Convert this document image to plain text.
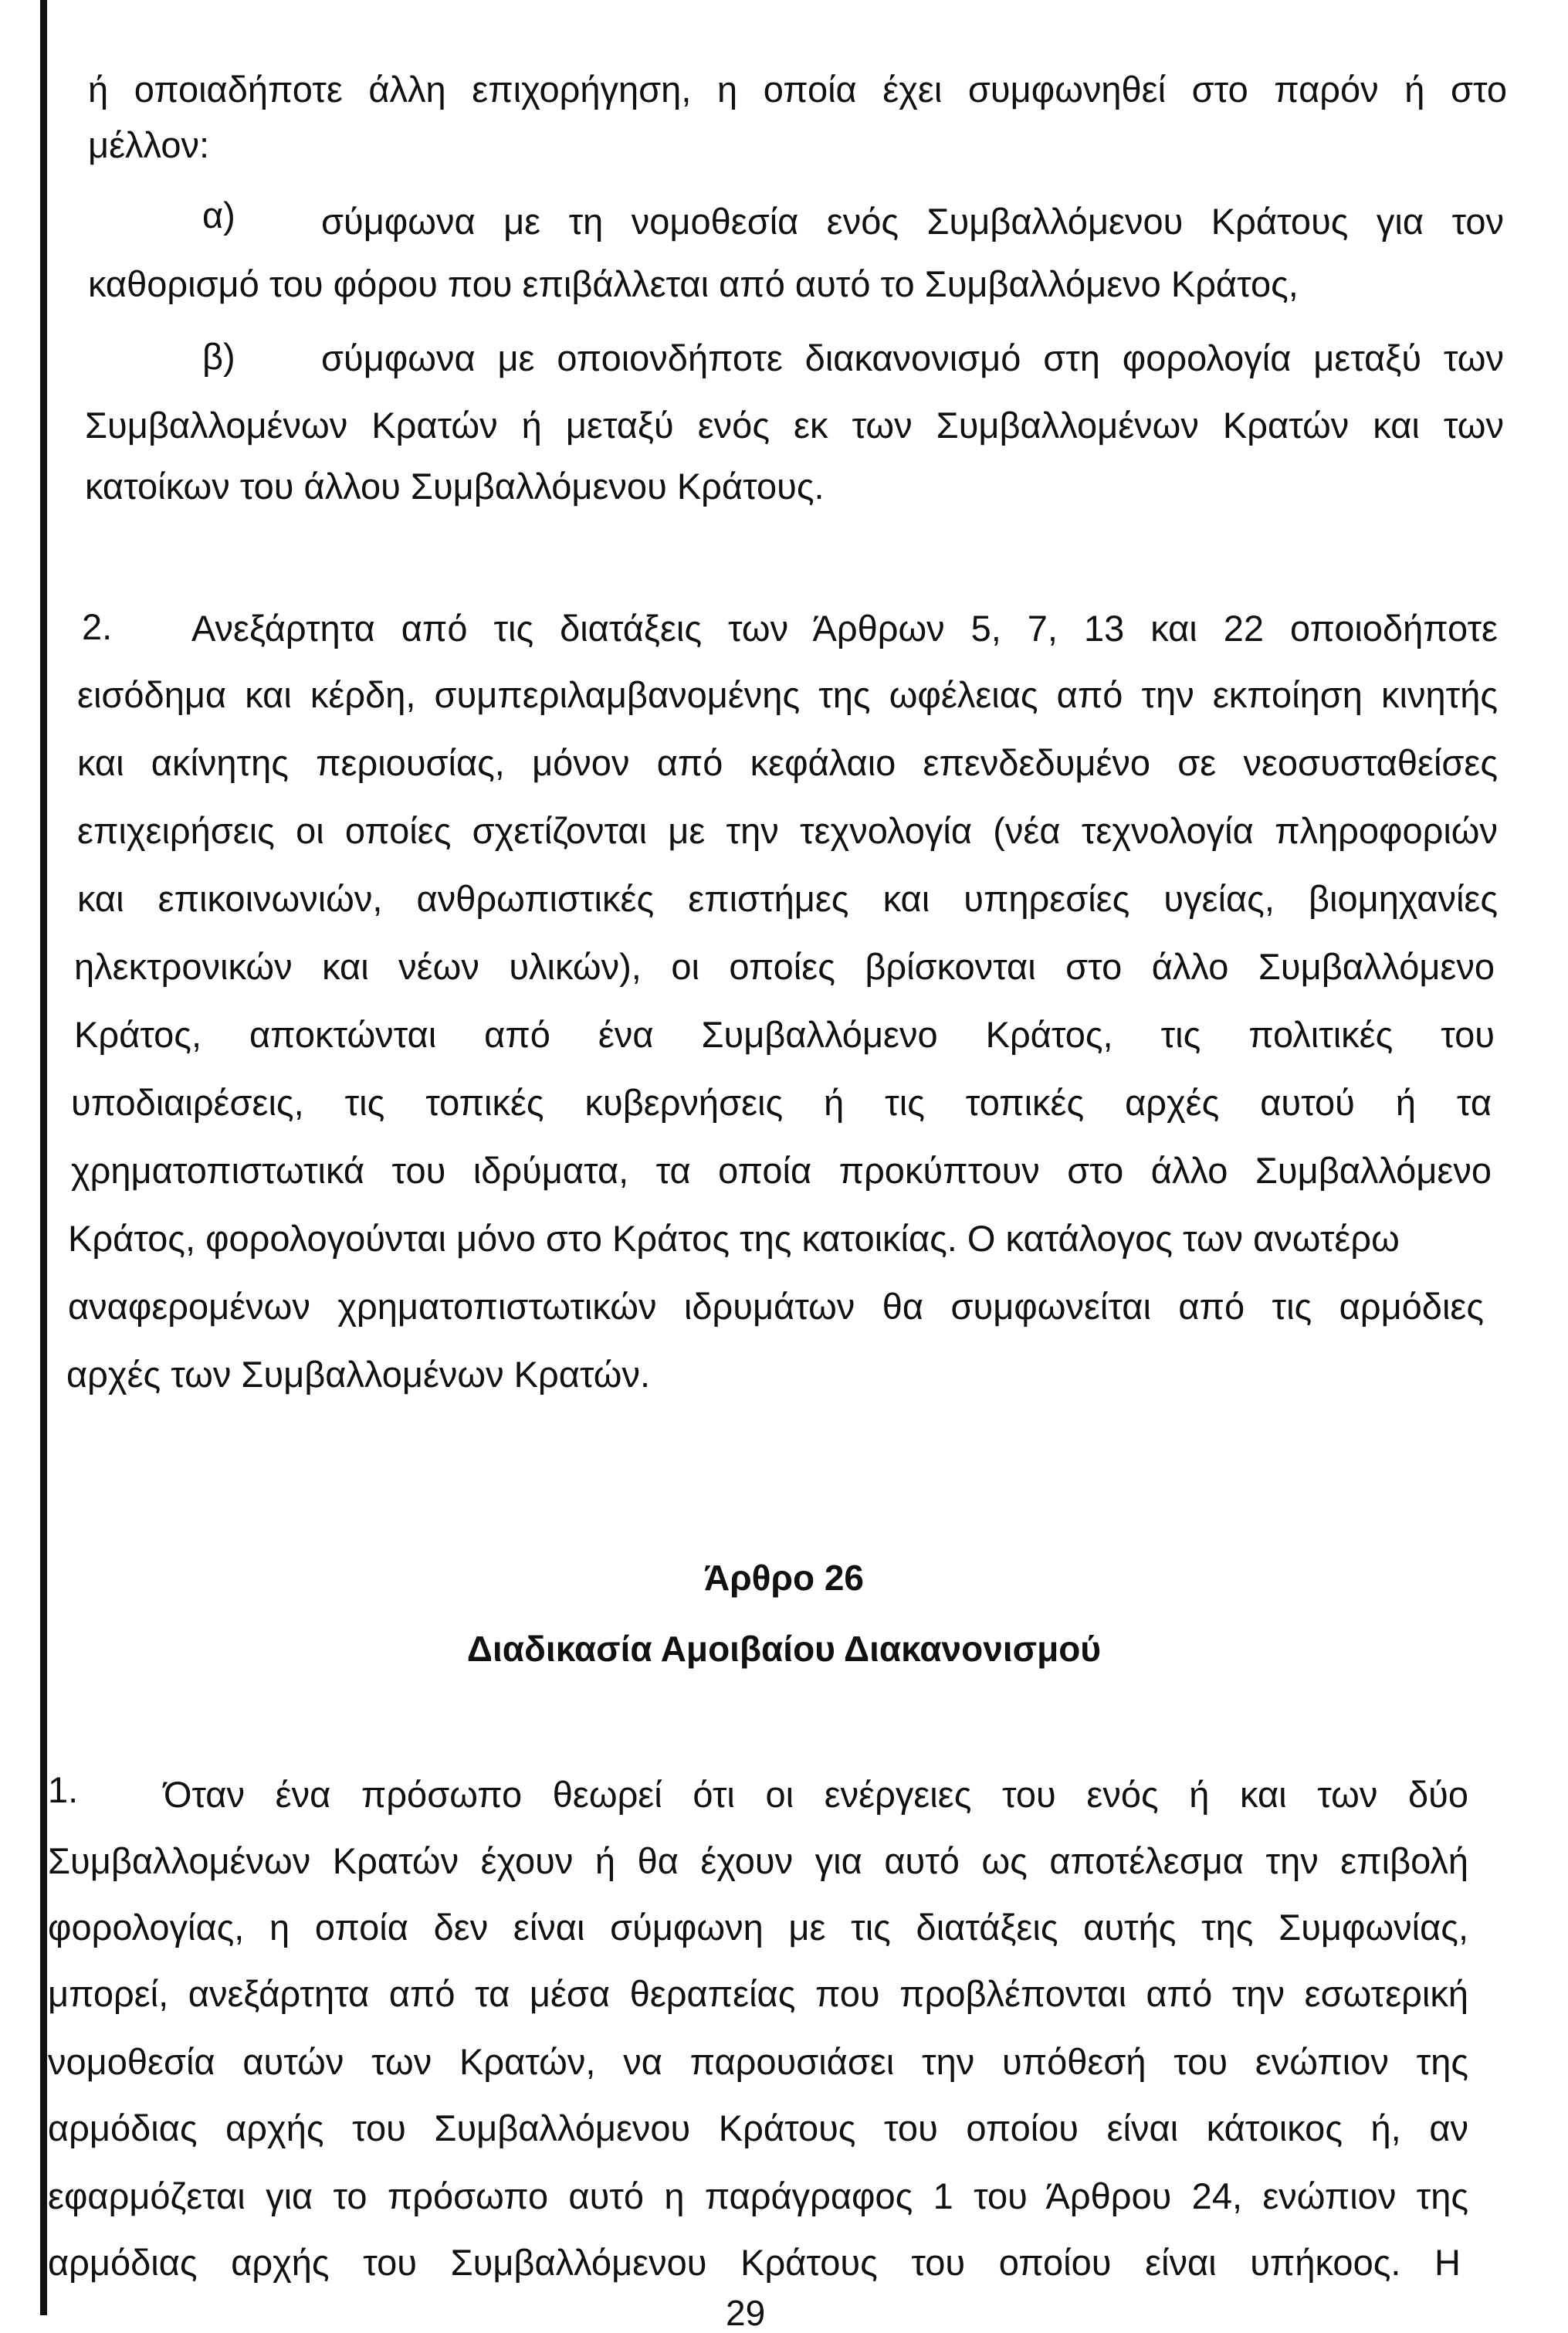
ή οποιαδήποτε άλλη επιχορήγηση, η οποία έχει συμφωνηθεί στο παρόν ή στο
μέλλον:
α) σύμφωνα με τη νομοθεσία ενός Συμβαλλόμενου Κράτους για τον
καθορισμό του φόρου που επιβάλλεται από αυτό το Συμβαλλόμενο Κράτος,
β) σύμφωνα με οποιονδήποτε διακανονισμό στη φορολογία μεταξύ των
Συμβαλλομένων Κρατών ή μεταξύ ενός εκ των Συμβαλλομένων Κρατών και των
κατοίκων του άλλου Συμβαλλόμενου Κράτους.
2. Ανεξάρτητα από τις διατάξεις των Άρθρων 5, 7, 13 και 22 οποιοδήποτε
εισόδημα και κέρδη, συμπεριλαμβανομένης της ωφέλειας από την εκποίηση κινητής
και ακίνητης περιουσίας, μόνον από κεφάλαιο επενδεδυμένο σε νεοσυσταθείσες
επιχειρήσεις οι οποίες σχετίζονται με την τεχνολογία (νέα τεχνολογία πληροφοριών
και επικοινωνιών, ανθρωπιστικές επιστήμες και υπηρεσίες υγείας, βιομηχανίες
ηλεκτρονικών και νέων υλικών), οι οποίες βρίσκονται στο άλλο Συμβαλλόμενο
Κράτος, αποκτώνται από ένα Συμβαλλόμενο Κράτος, τις πολιτικές του
υποδιαιρέσεις, τις τοπικές κυβερνήσεις ή τις τοπικές αρχές αυτού ή τα
χρηματοπιστωτικά του ιδρύματα, τα οποία προκύπτουν στο άλλο Συμβαλλόμενο
Κράτος, φορολογούνται μόνο στο Κράτος της κατοικίας. Ο κατάλογος των ανωτέρω
αναφερομένων χρηματοπιστωτικών ιδρυμάτων θα συμφωνείται από τις αρμόδιες
αρχές των Συμβαλλομένων Κρατών.
Άρθρο 26
Διαδικασία Αμοιβαίου Διακανονισμού
1. Όταν ένα πρόσωπο θεωρεί ότι οι ενέργειες του ενός ή και των δύο
Συμβαλλομένων Κρατών έχουν ή θα έχουν για αυτό ως αποτέλεσμα την επιβολή
φορολογίας, η οποία δεν είναι σύμφωνη με τις διατάξεις αυτής της Συμφωνίας,
μπορεί, ανεξάρτητα από τα μέσα θεραπείας που προβλέπονται από την εσωτερική
νομοθεσία αυτών των Κρατών, να παρουσιάσει την υπόθεσή του ενώπιον της
αρμόδιας αρχής του Συμβαλλόμενου Κράτους του οποίου είναι κάτοικος ή, αν
εφαρμόζεται για το πρόσωπο αυτό η παράγραφος 1 του Άρθρου 24, ενώπιον της
αρμόδιας αρχής του Συμβαλλόμενου Κράτους του οποίου είναι υπήκοος. Η
29
